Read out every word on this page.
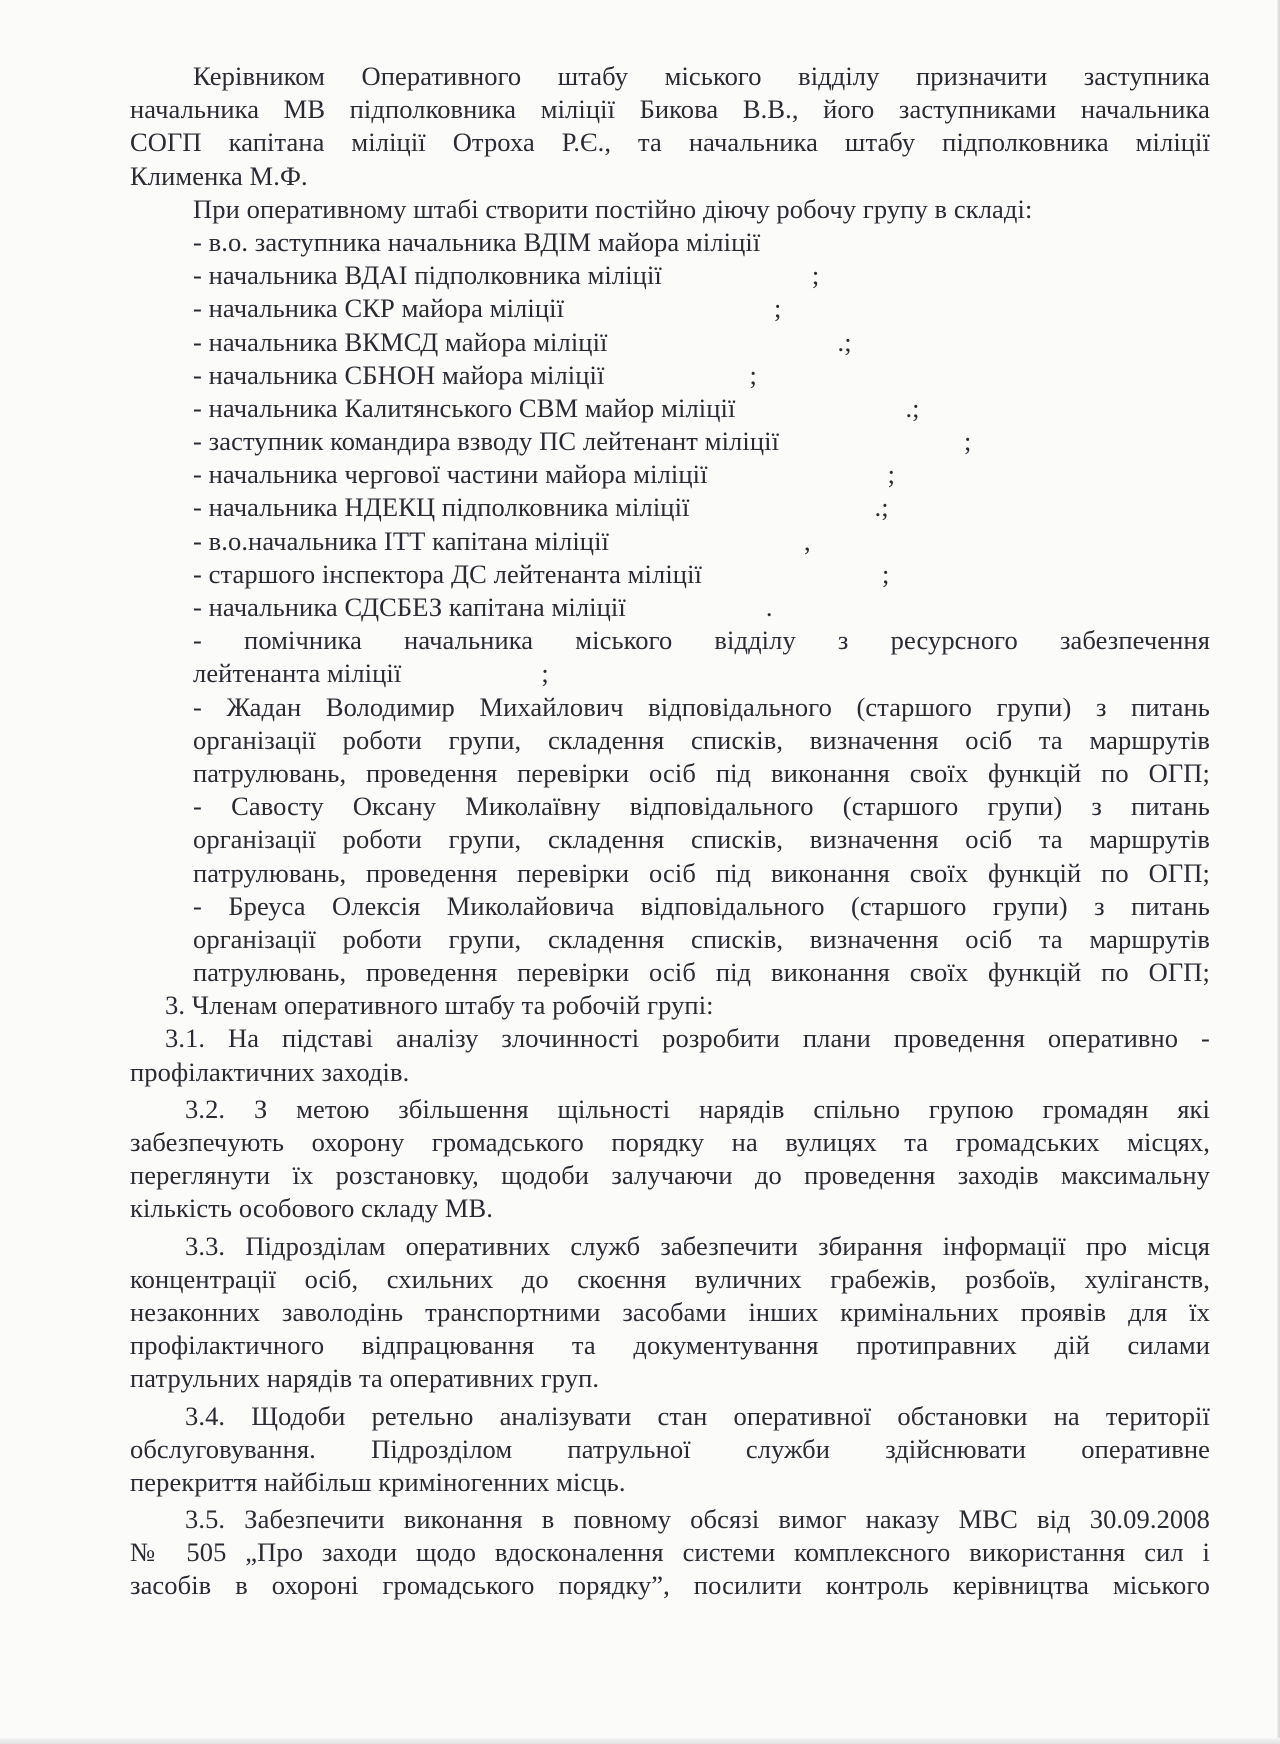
Керівником Оперативного штабу міського відділу призначити заступника
начальника МВ підполковника міліції Бикова В.В., його заступниками начальника
СОГП капітана міліції Отроха Р.Є., та начальника штабу підполковника міліції
Клименка М.Ф.
При оперативному штабі створити постійно діючу робочу групу в складі:
- в.о. заступника начальника ВДІМ майора міліції
- начальника ВДАІ підполковника міліції	;
- начальника СКР майора міліції	;
- начальника ВКМСД майора міліції	.;
- начальника СБНОН майора міліції	;
- начальника Калитянського СВМ майор міліції	.;
- заступник командира взводу ПС лейтенант міліції	;
- начальника чергової частини майора міліції	;
- начальника НДЕКЦ підполковника міліції	.;
- в.о.начальника ІТТ капітана міліції	,
- старшого інспектора ДС лейтенанта міліції	;
- начальника СДСБЕЗ капітана міліції	.
- помічника начальника міського відділу з ресурсного забезпечення
лейтенанта міліції	;
- Жадан Володимир Михайлович відповідального (старшого групи) з питань
організації роботи групи, складення списків, визначення осіб та маршрутів
патрулювань, проведення перевірки осіб під виконання своїх функцій по ОГП;
- Савосту Оксану Миколаївну відповідального (старшого групи) з питань
організації роботи групи, складення списків, визначення осіб та маршрутів
патрулювань, проведення перевірки осіб під виконання своїх функцій по ОГП;
- Бреуса Олексія Миколайовича відповідального (старшого групи) з питань
організації роботи групи, складення списків, визначення осіб та маршрутів
патрулювань, проведення перевірки осіб під виконання своїх функцій по ОГП;
3. Членам оперативного штабу та робочій групі:
3.1. На підставі аналізу злочинності розробити плани проведення оперативно -
профілактичних заходів.
3.2. З метою збільшення щільності нарядів спільно групою громадян які
забезпечують охорону громадського порядку на вулицях та громадських місцях,
переглянути їх розстановку, щодоби залучаючи до проведення заходів максимальну
кількість особового складу МВ.
3.3. Підрозділам оперативних служб забезпечити збирання інформації про місця
концентрації осіб, схильних до скоєння вуличних грабежів, розбоїв, хуліганств,
незаконних заволодінь транспортними засобами інших кримінальних проявів для їх
профілактичного відпрацювання та документування протиправних дій силами
патрульних нарядів та оперативних груп.
3.4. Щодоби ретельно аналізувати стан оперативної обстановки на території
обслуговування. Підрозділом патрульної служби здійснювати оперативне
перекриття найбільш криміногенних місць.
3.5. Забезпечити виконання в повному обсязі вимог наказу МВС від 30.09.2008
№ 505 „Про заходи щодо вдосконалення системи комплексного використання сил і
засобів в охороні громадського порядку”, посилити контроль керівництва міського
